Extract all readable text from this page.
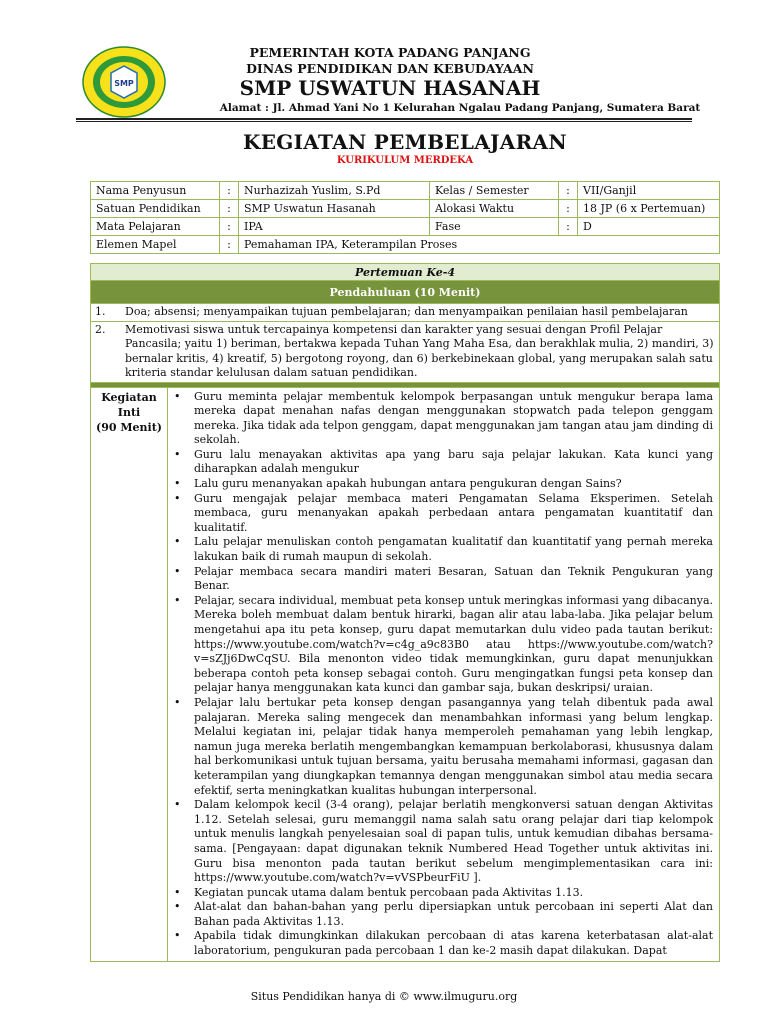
SMP
PEMERINTAH KOTA PADANG PANJANG
DINAS PENDIDIKAN DAN KEBUDAYAAN
SMP USWATUN HASANAH
Alamat : Jl. Ahmad Yani No 1 Kelurahan Ngalau Padang Panjang, Sumatera Barat
KEGIATAN PEMBELAJARAN
KURIKULUM MERDEKA
Nama Penyusun	:	Nurhazizah Yuslim, S.Pd	Kelas / Semester	:	VII/Ganjil
Satuan Pendidikan	:	SMP Uswatun Hasanah	Alokasi Waktu	:	18 JP (6 x Pertemuan)
Mata Pelajaran	:	IPA	Fase	:	D
Elemen Mapel	:	Pemahaman IPA, Keterampilan Proses			
Pertemuan Ke-4
Pendahuluan (10 Menit)

1.	Doa; absensi; menyampaikan tujuan pembelajaran; dan menyampaikan penilaian hasil pembelajaran

2.	Memotivasi siswa untuk tercapainya kompetensi dan karakter yang sesuai dengan Profil Pelajar Pancasila; yaitu 1) beriman, bertakwa kepada Tuhan Yang Maha Esa, dan berakhlak mulia, 2) mandiri, 3) bernalar kritis, 4) kreatif, 5) bergotong royong, dan 6) berkebinekaan global, yang merupakan salah satu kriteria standar kelulusan dalam satuan pendidikan.

Kegiatan
Inti
(90 Menit)

• Guru meminta pelajar membentuk kelompok berpasangan untuk mengukur berapa lama mereka dapat menahan nafas dengan menggunakan stopwatch pada telepon genggam mereka. Jika tidak ada telpon genggam, dapat menggunakan jam tangan atau jam dinding di sekolah.
• Guru lalu menayakan aktivitas apa yang baru saja pelajar lakukan. Kata kunci yang diharapkan adalah mengukur
• Lalu guru menanyakan apakah hubungan antara pengukuran dengan Sains?
• Guru mengajak pelajar membaca materi Pengamatan Selama Eksperimen. Setelah membaca, guru menanyakan apakah perbedaan antara pengamatan kuantitatif dan kualitatif.
• Lalu pelajar menuliskan contoh pengamatan kualitatif dan kuantitatif yang pernah mereka lakukan baik di rumah maupun di sekolah.
• Pelajar membaca secara mandiri materi Besaran, Satuan dan Teknik Pengukuran yang Benar.
• Pelajar, secara individual, membuat peta konsep untuk meringkas informasi yang dibacanya. Mereka boleh membuat dalam bentuk hirarki, bagan alir atau laba-laba. Jika pelajar belum mengetahui apa itu peta konsep, guru dapat memutarkan dulu video pada tautan berikut: https://www.youtube.com/watch?v=c4g_a9c83B0 atau https://www.youtube.com/watch?v=sZJj6DwCqSU. Bila menonton video tidak memungkinkan, guru dapat menunjukkan beberapa contoh peta konsep sebagai contoh. Guru mengingatkan fungsi peta konsep dan pelajar hanya menggunakan kata kunci dan gambar saja, bukan deskripsi/ uraian.
• Pelajar lalu bertukar peta konsep dengan pasangannya yang telah dibentuk pada awal palajaran. Mereka saling mengecek dan menambahkan informasi yang belum lengkap. Melalui kegiatan ini, pelajar tidak hanya memperoleh pemahaman yang lebih lengkap, namun juga mereka berlatih mengembangkan kemampuan berkolaborasi, khususnya dalam hal berkomunikasi untuk tujuan bersama, yaitu berusaha memahami informasi, gagasan dan keterampilan yang diungkapkan temannya dengan menggunakan simbol atau media secara efektif, serta meningkatkan kualitas hubungan interpersonal.
• Dalam kelompok kecil (3-4 orang), pelajar berlatih mengkonversi satuan dengan Aktivitas 1.12. Setelah selesai, guru memanggil nama salah satu orang pelajar dari tiap kelompok untuk menulis langkah penyelesaian soal di papan tulis, untuk kemudian dibahas bersama-sama. [Pengayaan: dapat digunakan teknik Numbered Head Together untuk aktivitas ini. Guru bisa menonton pada tautan berikut sebelum mengimplementasikan cara ini: https://www.youtube.com/watch?v=vVSPbeurFiU ].
• Kegiatan puncak utama dalam bentuk percobaan pada Aktivitas 1.13.
• Alat-alat dan bahan-bahan yang perlu dipersiapkan untuk percobaan ini seperti Alat dan Bahan pada Aktivitas 1.13.
• Apabila tidak dimungkinkan dilakukan percobaan di atas karena keterbatasan alat-alat laboratorium, pengukuran pada percobaan 1 dan ke-2 masih dapat dilakukan. Dapat
Situs Pendidikan hanya di © www.ilmuguru.org
